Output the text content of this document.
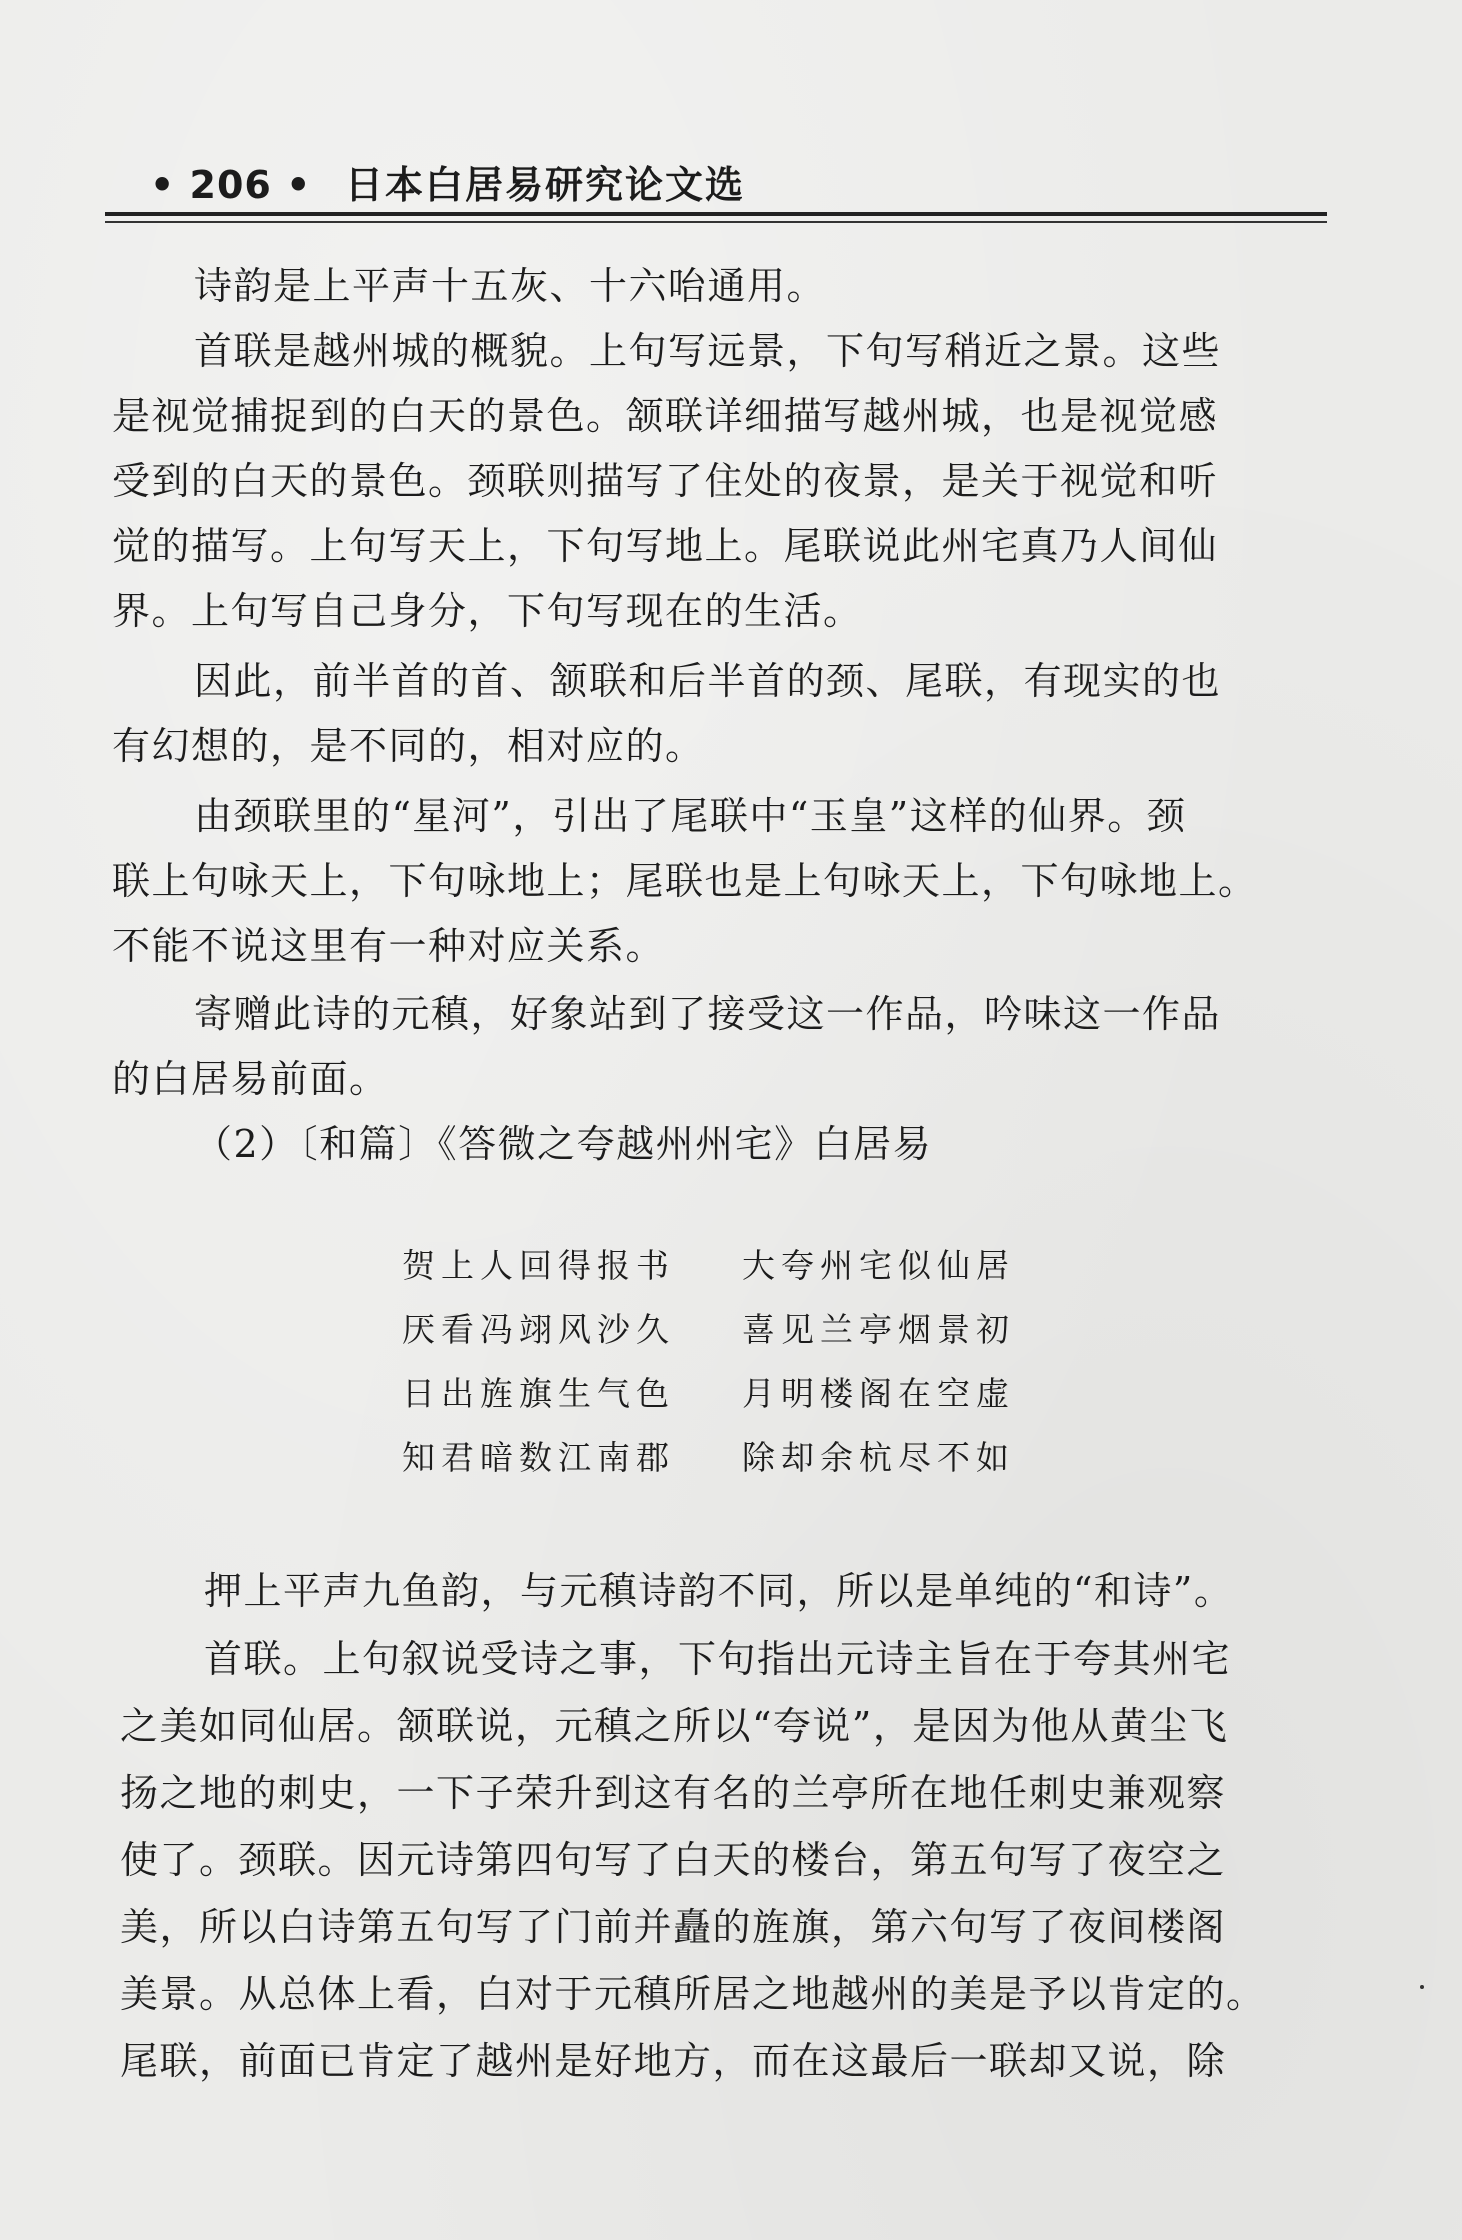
• 206 • 日本白居易研究论文选
诗韵是上平声十五灰、十六咍通用。
首联是越州城的概貌。上句写远景，下句写稍近之景。这些
是视觉捕捉到的白天的景色。颔联详细描写越州城，也是视觉感
受到的白天的景色。颈联则描写了住处的夜景，是关于视觉和听
觉的描写。上句写天上，下句写地上。尾联说此州宅真乃人间仙
界。上句写自己身分，下句写现在的生活。
因此，前半首的首、颔联和后半首的颈、尾联，有现实的也
有幻想的，是不同的，相对应的。
由颈联里的“星河”，引出了尾联中“玉皇”这样的仙界。颈
联上句咏天上，下句咏地上；尾联也是上句咏天上，下句咏地上。
不能不说这里有一种对应关系。
寄赠此诗的元稹，好象站到了接受这一作品，吟味这一作品
的白居易前面。
（2）〔和篇〕《答微之夸越州州宅》白居易
贺上人回得报书 大夸州宅似仙居
厌看冯翊风沙久 喜见兰亭烟景初
日出旌旗生气色 月明楼阁在空虚
知君暗数江南郡 除却余杭尽不如
押上平声九鱼韵，与元稹诗韵不同，所以是单纯的“和诗”。
首联。上句叙说受诗之事，下句指出元诗主旨在于夸其州宅
之美如同仙居。颔联说，元稹之所以“夸说”，是因为他从黄尘飞
扬之地的刺史，一下子荣升到这有名的兰亭所在地任刺史兼观察
使了。颈联。因元诗第四句写了白天的楼台，第五句写了夜空之
美，所以白诗第五句写了门前并矗的旌旗，第六句写了夜间楼阁
美景。从总体上看，白对于元稹所居之地越州的美是予以肯定的。
尾联，前面已肯定了越州是好地方，而在这最后一联却又说，除
